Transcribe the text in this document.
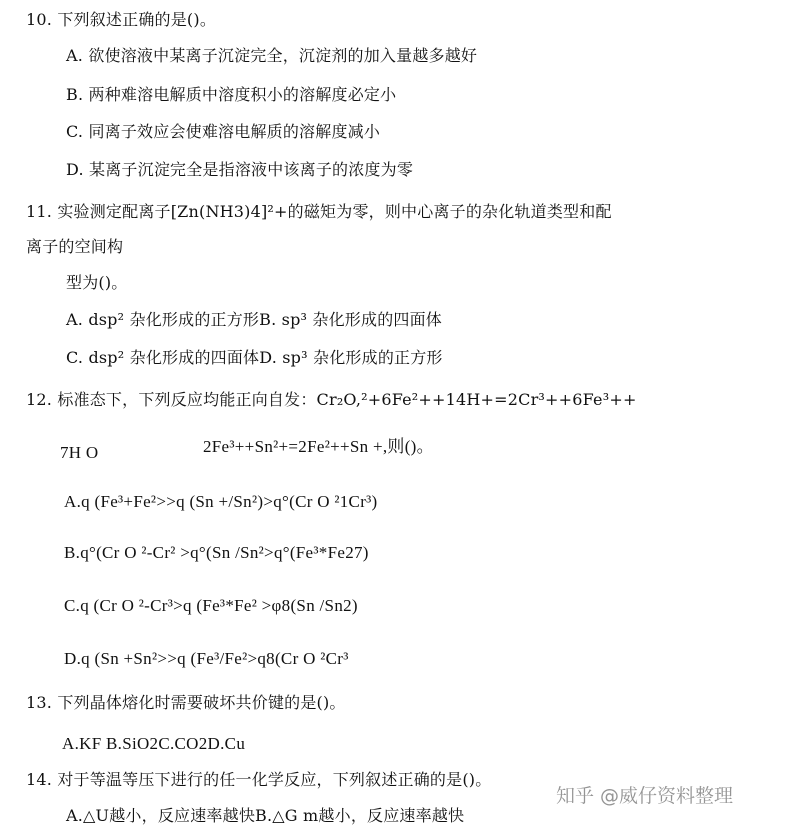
10. 下列叙述正确的是()。
A. 欲使溶液中某离子沉淀完全，沉淀剂的加入量越多越好
B. 两种难溶电解质中溶度积小的溶解度必定小
C. 同离子效应会使难溶电解质的溶解度减小
D. 某离子沉淀完全是指溶液中该离子的浓度为零
11. 实验测定配离子[Zn(NH3)4]²+的磁矩为零，则中心离子的杂化轨道类型和配
离子的空间构
型为()。
A. dsp² 杂化形成的正方形B. sp³ 杂化形成的四面体
C. dsp² 杂化形成的四面体D. sp³ 杂化形成的正方形
12. 标准态下，下列反应均能正向自发：Cr₂O,²+6Fe²++14H+=2Cr³++6Fe³++
7H O	2Fe³++Sn²+=2Fe²++Sn +,则()。
A.q (Fe³+Fe²>>q (Sn +/Sn²)>q°(Cr O ²1Cr³)
B.q°(Cr O ²-Cr² >q°(Sn /Sn²>q°(Fe³*Fe27)
C.q (Cr O ²-Cr³>q (Fe³*Fe² >φ8(Sn /Sn2)
D.q (Sn +Sn²>>q (Fe³/Fe²>q8(Cr O ²Cr³
13. 下列晶体熔化时需要破坏共价键的是()。
A.KF B.SiO2C.CO2D.Cu
14. 对于等温等压下进行的任一化学反应，下列叙述正确的是()。
A.△U越小，反应速率越快B.△G m越小，反应速率越快
知乎 @威仔资料整理
